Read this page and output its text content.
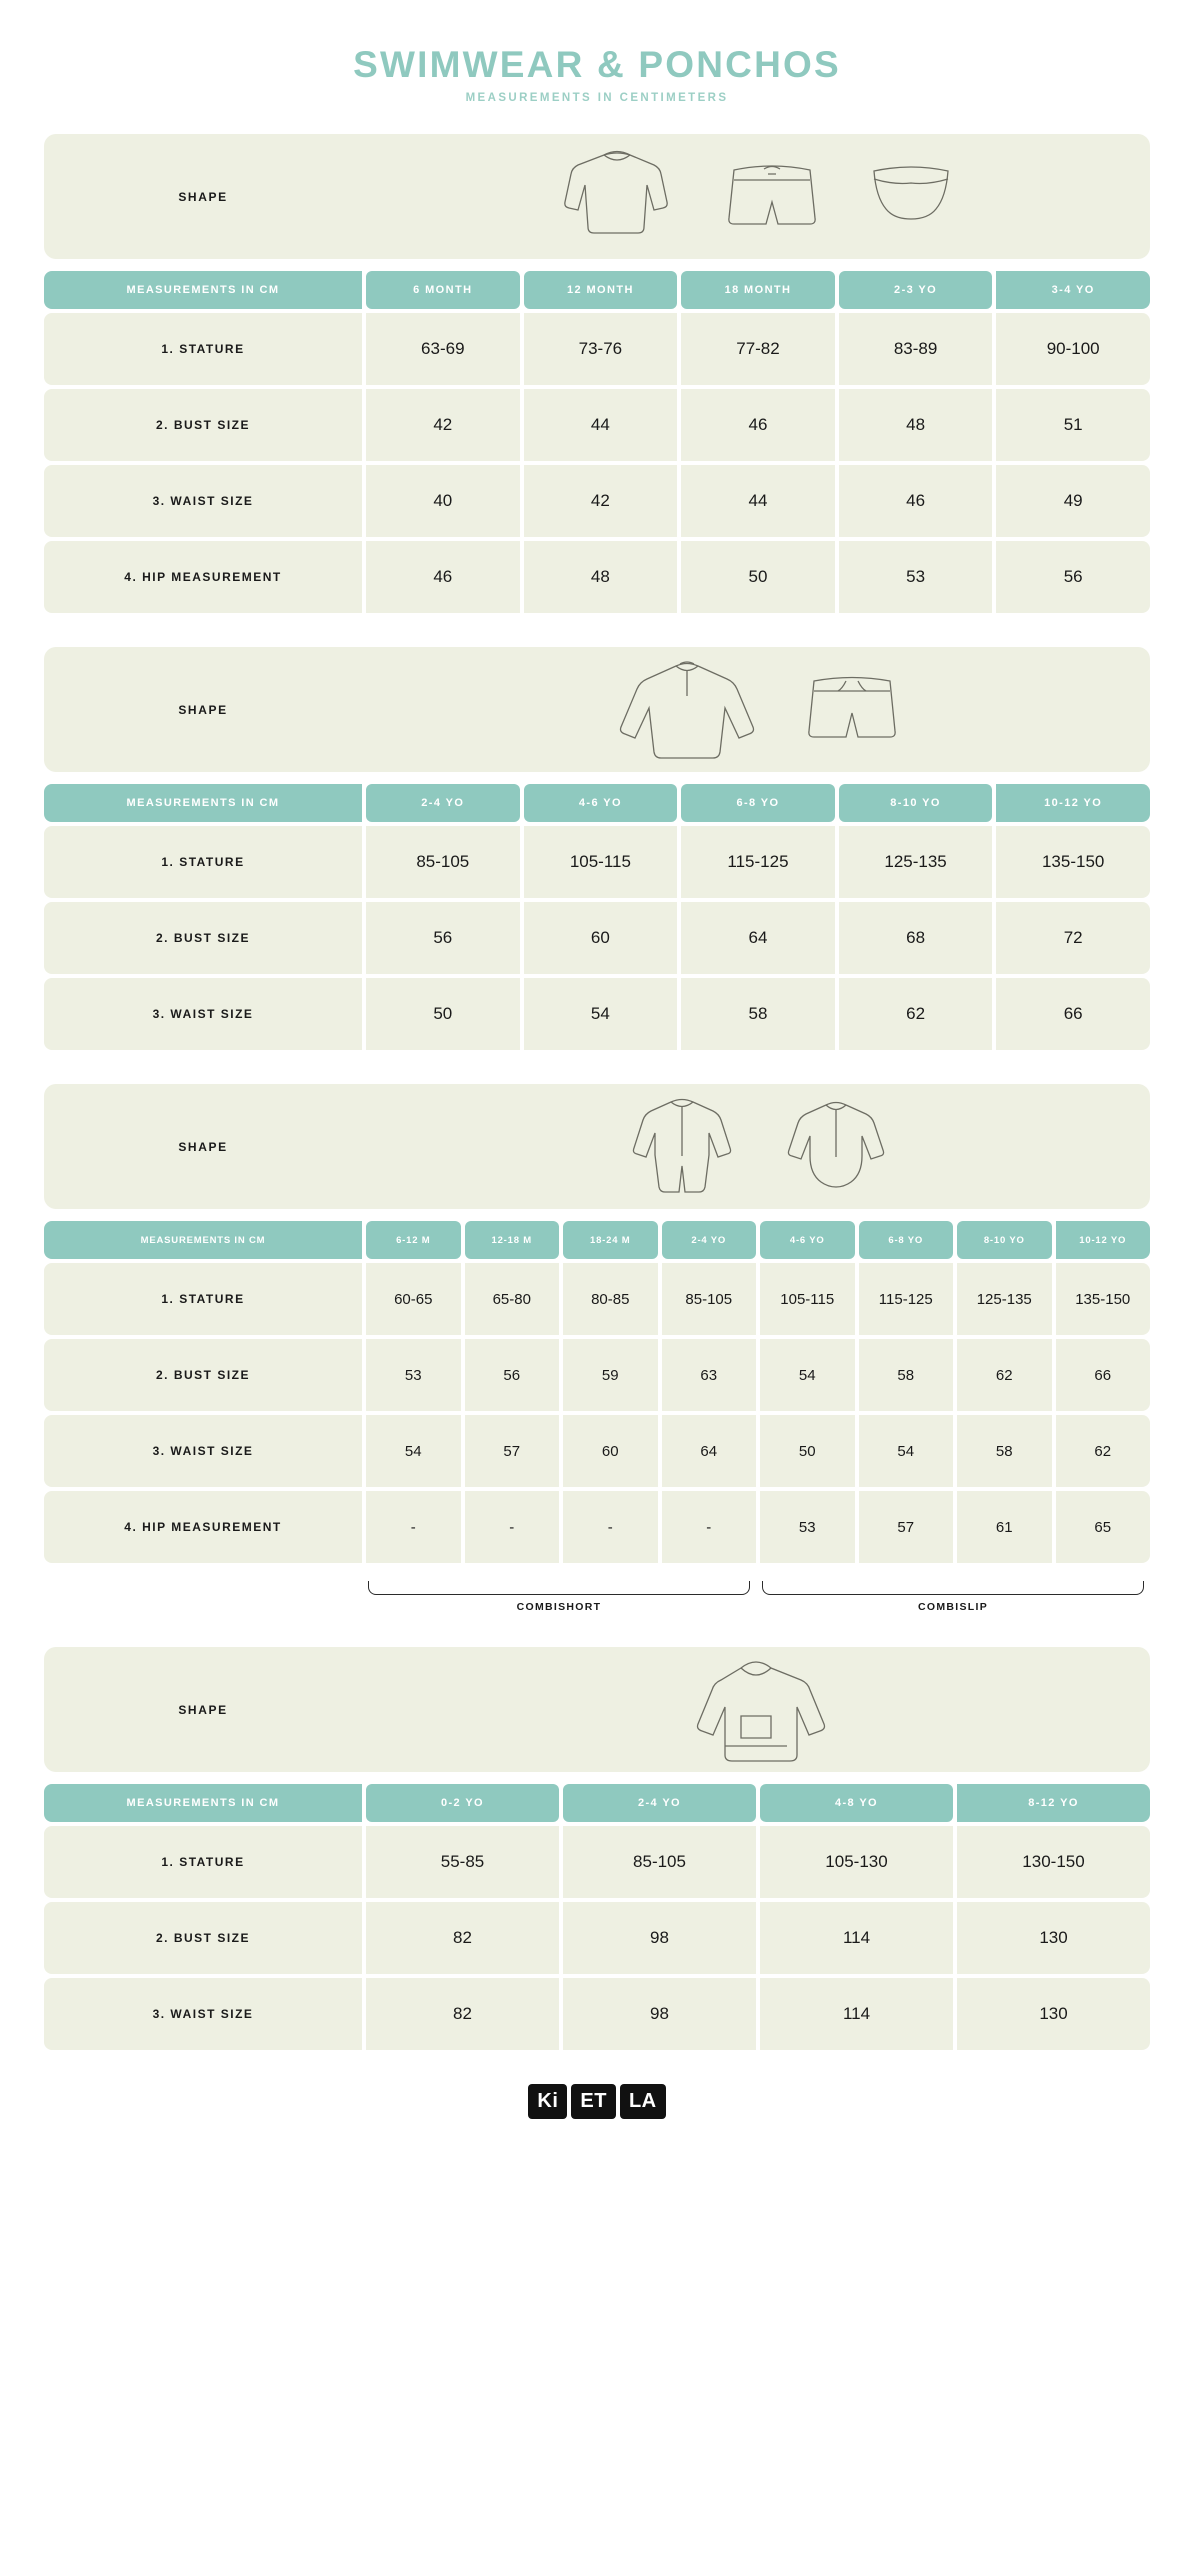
SWIMWEAR & PONCHOS
MEASUREMENTS IN CENTIMETERS
SHAPE
MEASUREMENTS IN CM	6 MONTH	12 MONTH	18 MONTH	2-3 YO	3-4 YO
1. STATURE	63-69	73-76	77-82	83-89	90-100
2. BUST SIZE	42	44	46	48	51
3. WAIST SIZE	40	42	44	46	49
4. HIP MEASUREMENT	46	48	50	53	56
SHAPE
MEASUREMENTS IN CM	2-4 YO	4-6 YO	6-8 YO	8-10 YO	10-12 YO
1. STATURE	85-105	105-115	115-125	125-135	135-150
2. BUST SIZE	56	60	64	68	72
3. WAIST SIZE	50	54	58	62	66
SHAPE
MEASUREMENTS IN CM	6-12 M	12-18 M	18-24 M	2-4 YO	4-6 YO	6-8 YO	8-10 YO	10-12 YO
1. STATURE	60-65	65-80	80-85	85-105	105-115	115-125	125-135	135-150
2. BUST SIZE	53	56	59	63	54	58	62	66
3. WAIST SIZE	54	57	60	64	50	54	58	62
4. HIP MEASUREMENT	-	-	-	-	53	57	61	65
COMBISHORT	COMBISLIP
SHAPE
MEASUREMENTS IN CM	0-2 YO	2-4 YO	4-8 YO	8-12 YO
1. STATURE	55-85	85-105	105-130	130-150
2. BUST SIZE	82	98	114	130
3. WAIST SIZE	82	98	114	130
Ki	ET	LA
